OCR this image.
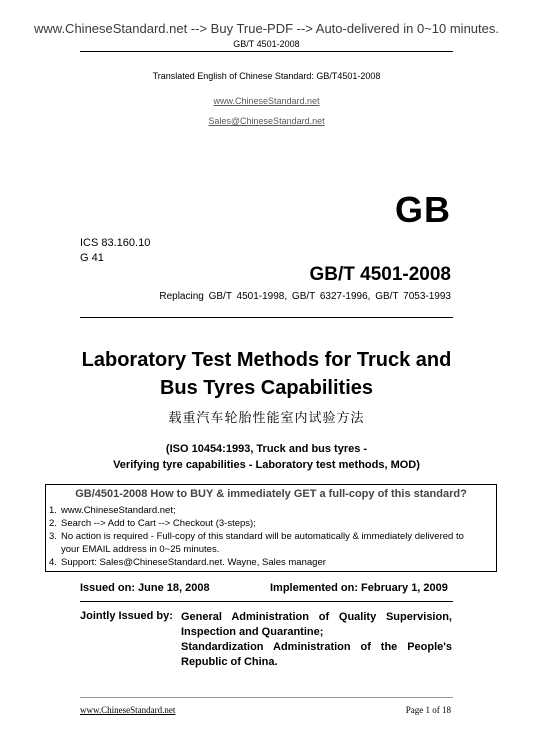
www.ChineseStandard.net --> Buy True-PDF --> Auto-delivered in 0~10 minutes.
GB/T 4501-2008
Translated English of Chinese Standard: GB/T4501-2008
www.ChineseStandard.net
Sales@ChineseStandard.net
GB
ICS 83.160.10
G 41
GB/T 4501-2008
Replacing GB/T 4501-1998, GB/T 6327-1996, GB/T 7053-1993
Laboratory Test Methods for Truck and
Bus Tyres Capabilities
载重汽车轮胎性能室内试验方法
(ISO 10454:1993, Truck and bus tyres -
Verifying tyre capabilities - Laboratory test methods, MOD)
GB/4501-2008 How to BUY & immediately GET a full-copy of this standard?
1. www.ChineseStandard.net;
2. Search --> Add to Cart --> Checkout (3-steps);
3. No action is required - Full-copy of this standard will be automatically & immediately delivered to
your EMAIL address in 0~25 minutes.
4. Support: Sales@ChineseStandard.net. Wayne, Sales manager
Issued on: June 18, 2008	Implemented on: February 1, 2009
Jointly Issued by: General Administration of Quality Supervision,
Inspection and Quarantine;
Standardization Administration of the People's
Republic of China.
www.ChineseStandard.net	Page 1 of 18
